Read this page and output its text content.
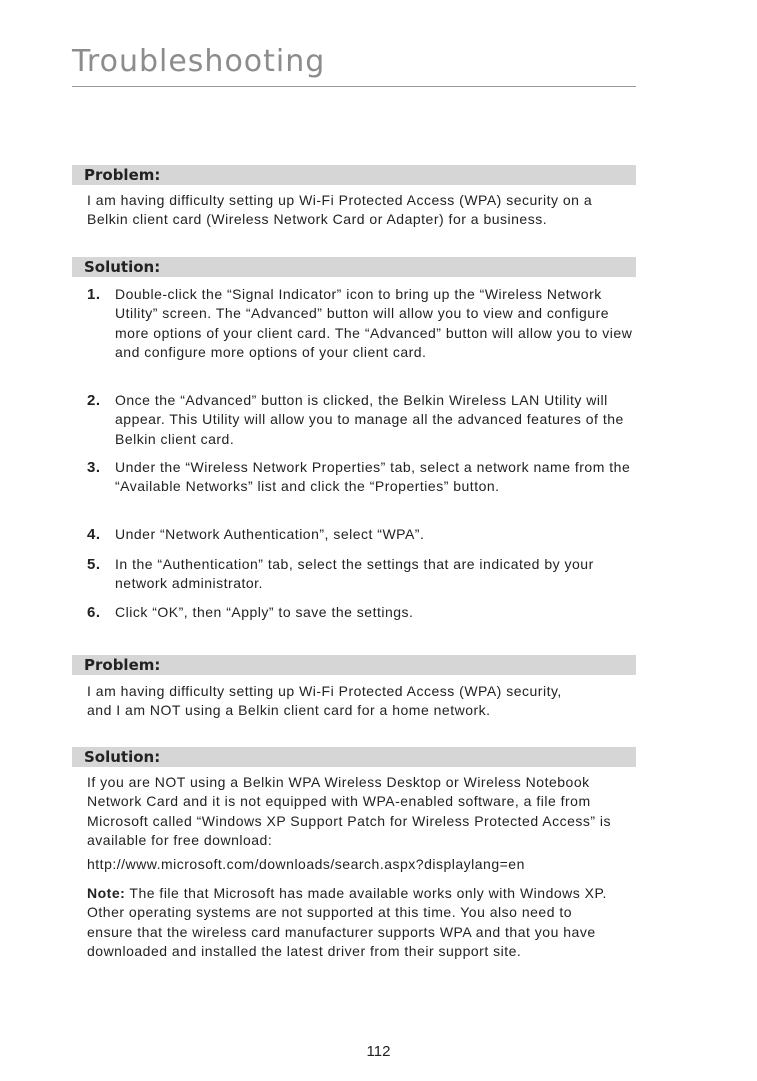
Troubleshooting
Problem:
I am having difficulty setting up Wi-Fi Protected Access (WPA) security on a Belkin client card (Wireless Network Card or Adapter) for a business.
Solution:
1. Double-click the “Signal Indicator” icon to bring up the “Wireless Network Utility” screen. The “Advanced” button will allow you to view and configure more options of your client card. The “Advanced” button will allow you to view and configure more options of your client card.
2. Once the “Advanced” button is clicked, the Belkin Wireless LAN Utility will appear. This Utility will allow you to manage all the advanced features of the Belkin client card.
3. Under the “Wireless Network Properties” tab, select a network name from the “Available Networks” list and click the “Properties” button.
4. Under “Network Authentication”, select “WPA”.
5. In the “Authentication” tab, select the settings that are indicated by your network administrator.
6. Click “OK”, then “Apply” to save the settings.
Problem:
I am having difficulty setting up Wi-Fi Protected Access (WPA) security, and I am NOT using a Belkin client card for a home network.
Solution:
If you are NOT using a Belkin WPA Wireless Desktop or Wireless Notebook Network Card and it is not equipped with WPA-enabled software, a file from Microsoft called “Windows XP Support Patch for Wireless Protected Access” is available for free download:
http://www.microsoft.com/downloads/search.aspx?displaylang=en
Note: The file that Microsoft has made available works only with Windows XP. Other operating systems are not supported at this time. You also need to ensure that the wireless card manufacturer supports WPA and that you have downloaded and installed the latest driver from their support site.
112
